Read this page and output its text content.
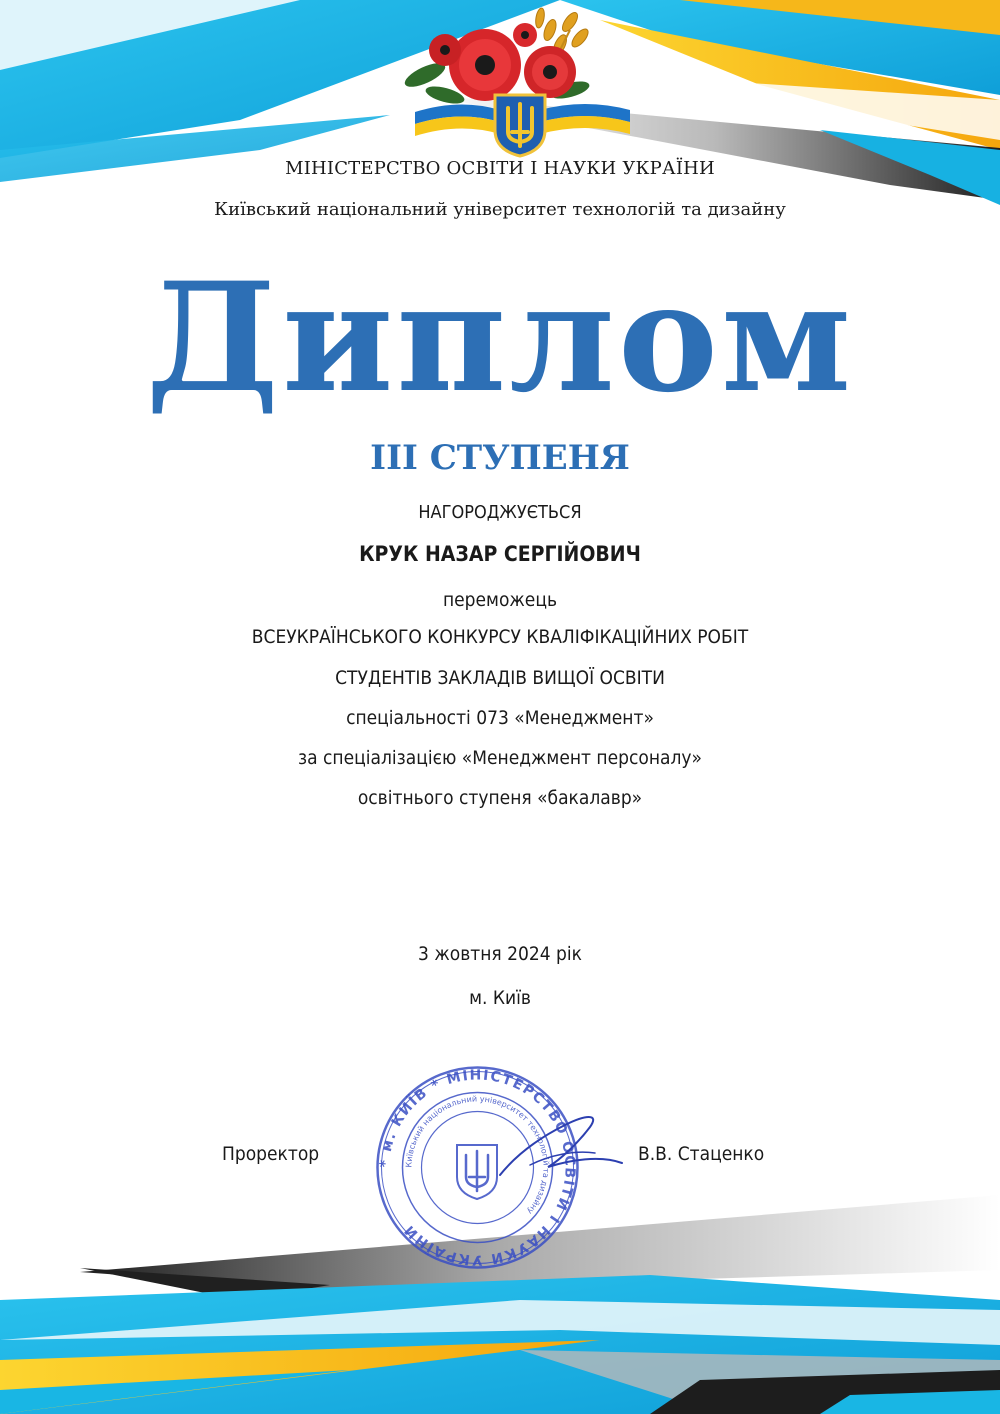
МІНІСТЕРСТВО ОСВІТИ І НАУКИ УКРАЇНИ
Київський національний університет технологій та дизайну
Диплом
III СТУПЕНЯ
НАГОРОДЖУЄТЬСЯ
КРУК НАЗАР СЕРГІЙОВИЧ
переможець
ВСЕУКРАЇНСЬКОГО КОНКУРСУ КВАЛІФІКАЦІЙНИХ РОБІТ
СТУДЕНТІВ ЗАКЛАДІВ ВИЩОЇ ОСВІТИ
спеціальності 073 «Менеджмент»
за спеціалізацією «Менеджмент персоналу»
освітнього ступеня «бакалавр»
3 жовтня 2024 рік
м. Київ
Проректор	В.В. Стаценко
* м. КИЇВ * МІНІСТЕРСТВО ОСВІТИ І НАУКИ УКРАЇНИ
Київський національний університет технологій та дизайну
